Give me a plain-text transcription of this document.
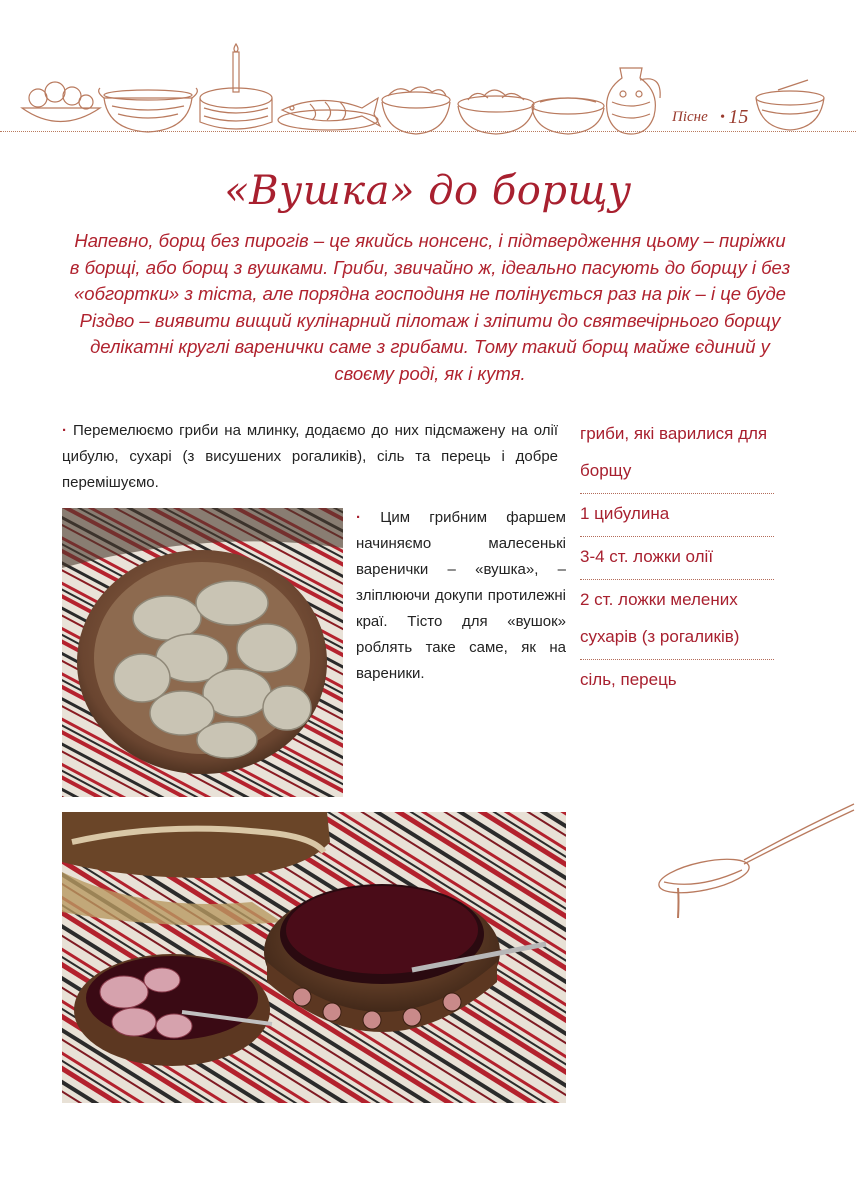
Пісне
•	15
«Вушка» до борщу

Напевно, борщ без пирогів – це якийсь нонсенс, і підтвердження цьому – пиріжки в борщі, або борщ з вушками. Гриби, звичайно ж, ідеально пасують до борщу і без «обгортки» з тіста, але порядна господиня не полінується раз на рік – і це буде Різдво – виявити вищий кулінарний пілотаж і зліпити до святвечірнього борщу делікатні круглі варенички саме з грибами. Тому такий борщ майже єдиний у своєму роді, як і кутя.

· Перемелюємо гриби на млинку, додаємо до них підсмажену на олії цибулю, сухарі (з висушених рогаликів), сіль та перець і добре перемішуємо.

· Цим грибним фаршем начиняємо малесенькі варенички – «вушка», – зліплюючи докупи протилежні краї. Тісто для «вушок» роблять таке саме, як на вареники.

гриби, які варилися для борщу
1 цибулина
3-4 ст. ложки олії
2 ст. ложки мелених сухарів (з рогаликів)
сіль, перець
